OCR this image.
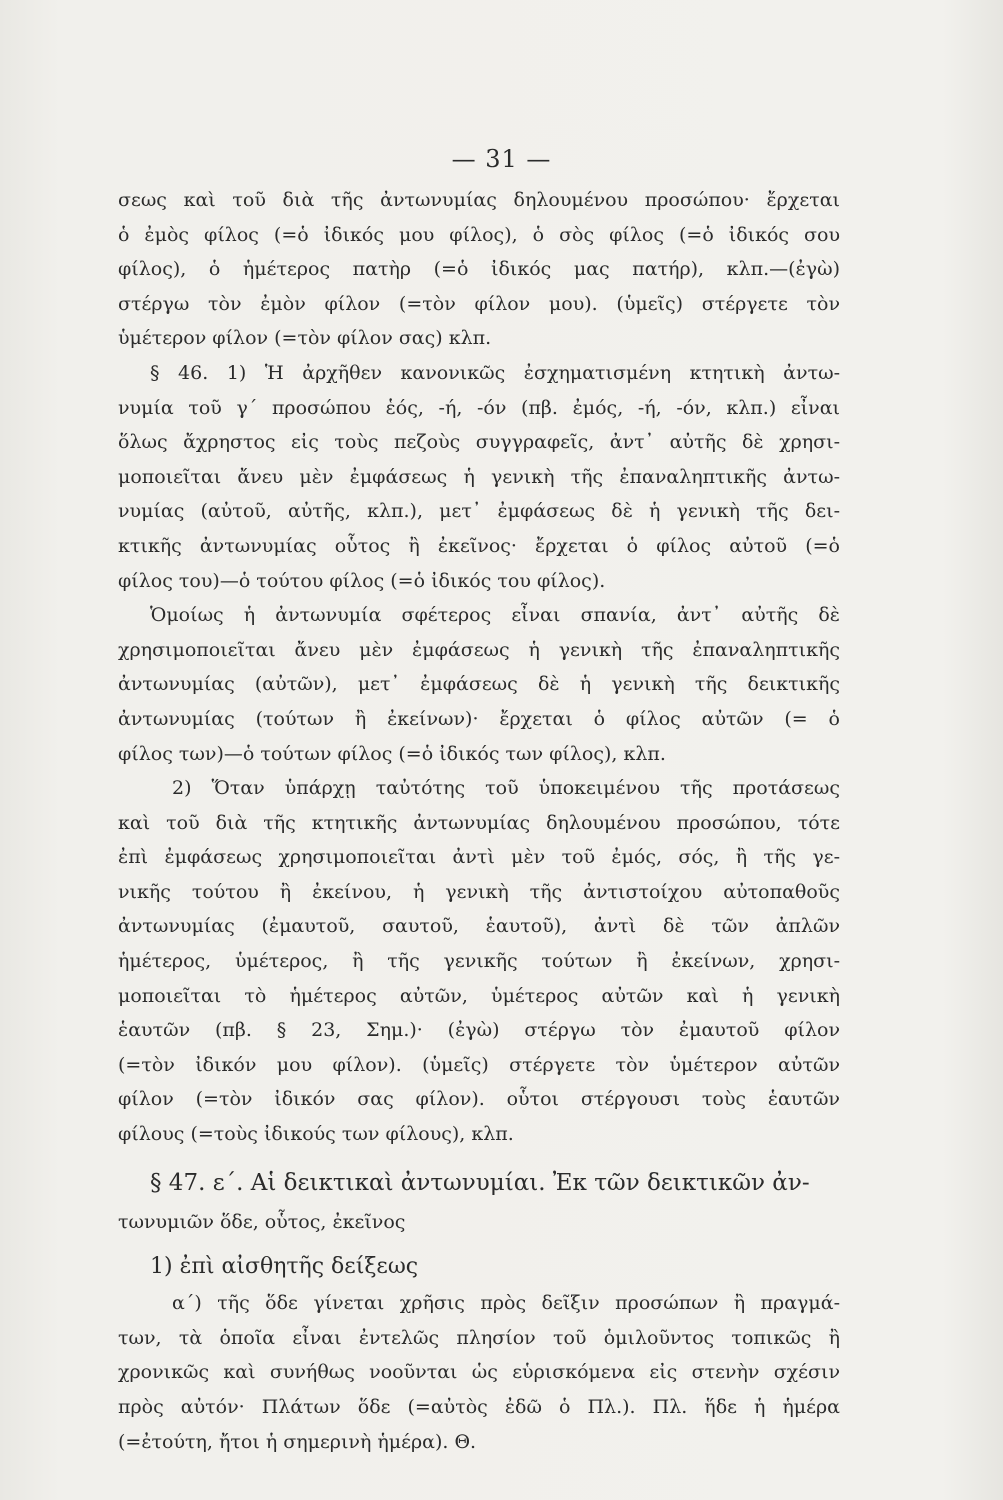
— 31 —
σεως καὶ τοῦ διὰ τῆς ἀντωνυμίας δηλουμένου προσώπου· ἔρχεται
ὁ ἐμὸς φίλος (=ὁ ἰδικός μου φίλος), ὁ σὸς φίλος (=ὁ ἰδικός σου
φίλος), ὁ ἡμέτερος πατὴρ (=ὁ ἰδικός μας πατήρ), κλπ.—(ἐγὼ)
στέργω τὸν ἐμὸν φίλον (=τὸν φίλον μου). (ὑμεῖς) στέργετε τὸν
ὑμέτερον φίλον (=τὸν φίλον σας) κλπ.
§ 46. 1) Ἡ ἀρχῆθεν κανονικῶς ἐσχηματισμένη κτητικὴ ἀντω-
νυμία τοῦ γ΄ προσώπου ἑός, -ή, -όν (πβ. ἐμός, -ή, -όν, κλπ.) εἶναι
ὅλως ἄχρηστος εἰς τοὺς πεζοὺς συγγραφεῖς, ἀντ᾽ αὐτῆς δὲ χρησι-
μοποιεῖται ἄνευ μὲν ἐμφάσεως ἡ γενικὴ τῆς ἐπαναληπτικῆς ἀντω-
νυμίας (αὐτοῦ, αὐτῆς, κλπ.), μετ᾽ ἐμφάσεως δὲ ἡ γενικὴ τῆς δει-
κτικῆς ἀντωνυμίας οὗτος ἢ ἐκεῖνος· ἔρχεται ὁ φίλος αὐτοῦ (=ὁ
φίλος του)—ὁ τούτου φίλος (=ὁ ἰδικός του φίλος).
Ὁμοίως ἡ ἀντωνυμία σφέτερος εἶναι σπανία, ἀντ᾽ αὐτῆς δὲ
χρησιμοποιεῖται ἄνευ μὲν ἐμφάσεως ἡ γενικὴ τῆς ἐπαναληπτικῆς
ἀντωνυμίας (αὐτῶν), μετ᾽ ἐμφάσεως δὲ ἡ γενικὴ τῆς δεικτικῆς
ἀντωνυμίας (τούτων ἢ ἐκείνων)· ἔρχεται ὁ φίλος αὐτῶν (= ὁ
φίλος των)—ὁ τούτων φίλος (=ὁ ἰδικός των φίλος), κλπ.
2) Ὅταν ὑπάρχῃ ταὐτότης τοῦ ὑποκειμένου τῆς προτάσεως
καὶ τοῦ διὰ τῆς κτητικῆς ἀντωνυμίας δηλουμένου προσώπου, τότε
ἐπὶ ἐμφάσεως χρησιμοποιεῖται ἀντὶ μὲν τοῦ ἐμός, σός, ἢ τῆς γε-
νικῆς τούτου ἢ ἐκείνου, ἡ γενικὴ τῆς ἀντιστοίχου αὐτοπαθοῦς
ἀντωνυμίας (ἐμαυτοῦ, σαυτοῦ, ἑαυτοῦ), ἀντὶ δὲ τῶν ἀπλῶν
ἡμέτερος, ὑμέτερος, ἢ τῆς γενικῆς τούτων ἢ ἐκείνων, χρησι-
μοποιεῖται τὸ ἡμέτερος αὐτῶν, ὑμέτερος αὐτῶν καὶ ἡ γενικὴ
ἑαυτῶν (πβ. § 23, Σημ.)· (ἐγὼ) στέργω τὸν ἐμαυτοῦ φίλον
(=τὸν ἰδικόν μου φίλον). (ὑμεῖς) στέργετε τὸν ὑμέτερον αὐτῶν
φίλον (=τὸν ἰδικόν σας φίλον). οὗτοι στέργουσι τοὺς ἑαυτῶν
φίλους (=τοὺς ἰδικούς των φίλους), κλπ.
§ 47. ε΄. Αἱ δεικτικαὶ ἀντωνυμίαι. Ἐκ τῶν δεικτικῶν ἀν-
τωνυμιῶν ὅδε, οὗτος, ἐκεῖνος
1) ἐπὶ αἰσθητῆς δείξεως
α΄) τῆς ὅδε γίνεται χρῆσις πρὸς δεῖξιν προσώπων ἢ πραγμά-
των, τὰ ὁποῖα εἶναι ἐντελῶς πλησίον τοῦ ὁμιλοῦντος τοπικῶς ἢ
χρονικῶς καὶ συνήθως νοοῦνται ὡς εὑρισκόμενα εἰς στενὴν σχέσιν
πρὸς αὐτόν· Πλάτων ὅδε (=αὐτὸς ἐδῶ ὁ Πλ.). Πλ. ἥδε ἡ ἡμέρα
(=ἐτούτη, ἤτοι ἡ σημερινὴ ἡμέρα). Θ.
